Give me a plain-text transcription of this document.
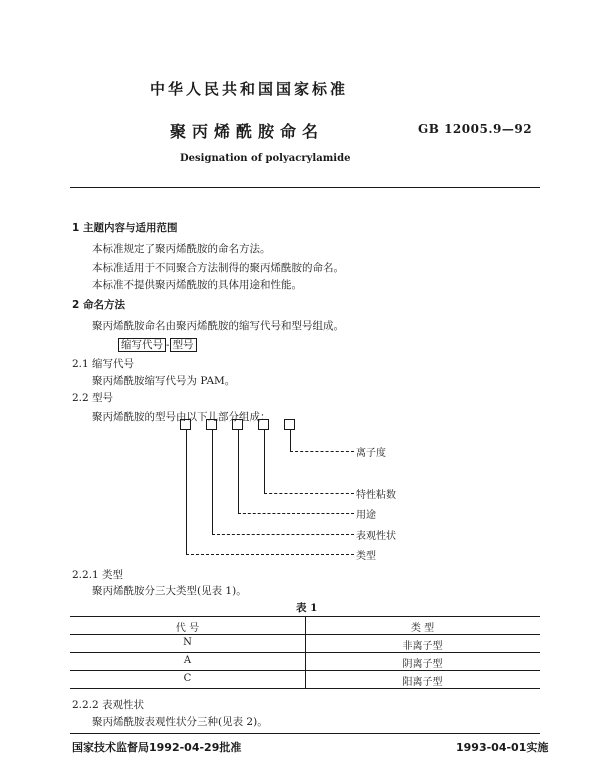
中华人民共和国国家标准
聚丙烯酰胺命名	GB 12005.9—92
Designation of polyacrylamide
1 主题内容与适用范围
本标准规定了聚丙烯酰胺的命名方法。
本标准适用于不同聚合方法制得的聚丙烯酰胺的命名。
本标准不提供聚丙烯酰胺的具体用途和性能。
2 命名方法
聚丙烯酰胺命名由聚丙烯酰胺的缩写代号和型号组成。
缩写代号 - 型号
2.1 缩写代号
聚丙烯酰胺缩写代号为 PAM。
2.2 型号
聚丙烯酰胺的型号由以下儿部分组成：
离子度
特性粘数
用途
表观性状
类型
2.2.1 类型
聚丙烯酰胺分三大类型(见表 1)。
表 1
代 号	类 型
N	非离子型
A	阴离子型
C	阳离子型
2.2.2 表观性状
聚丙烯酰胺表观性状分三种(见表 2)。
国家技术监督局1992-04-29批准	1993-04-01实施
